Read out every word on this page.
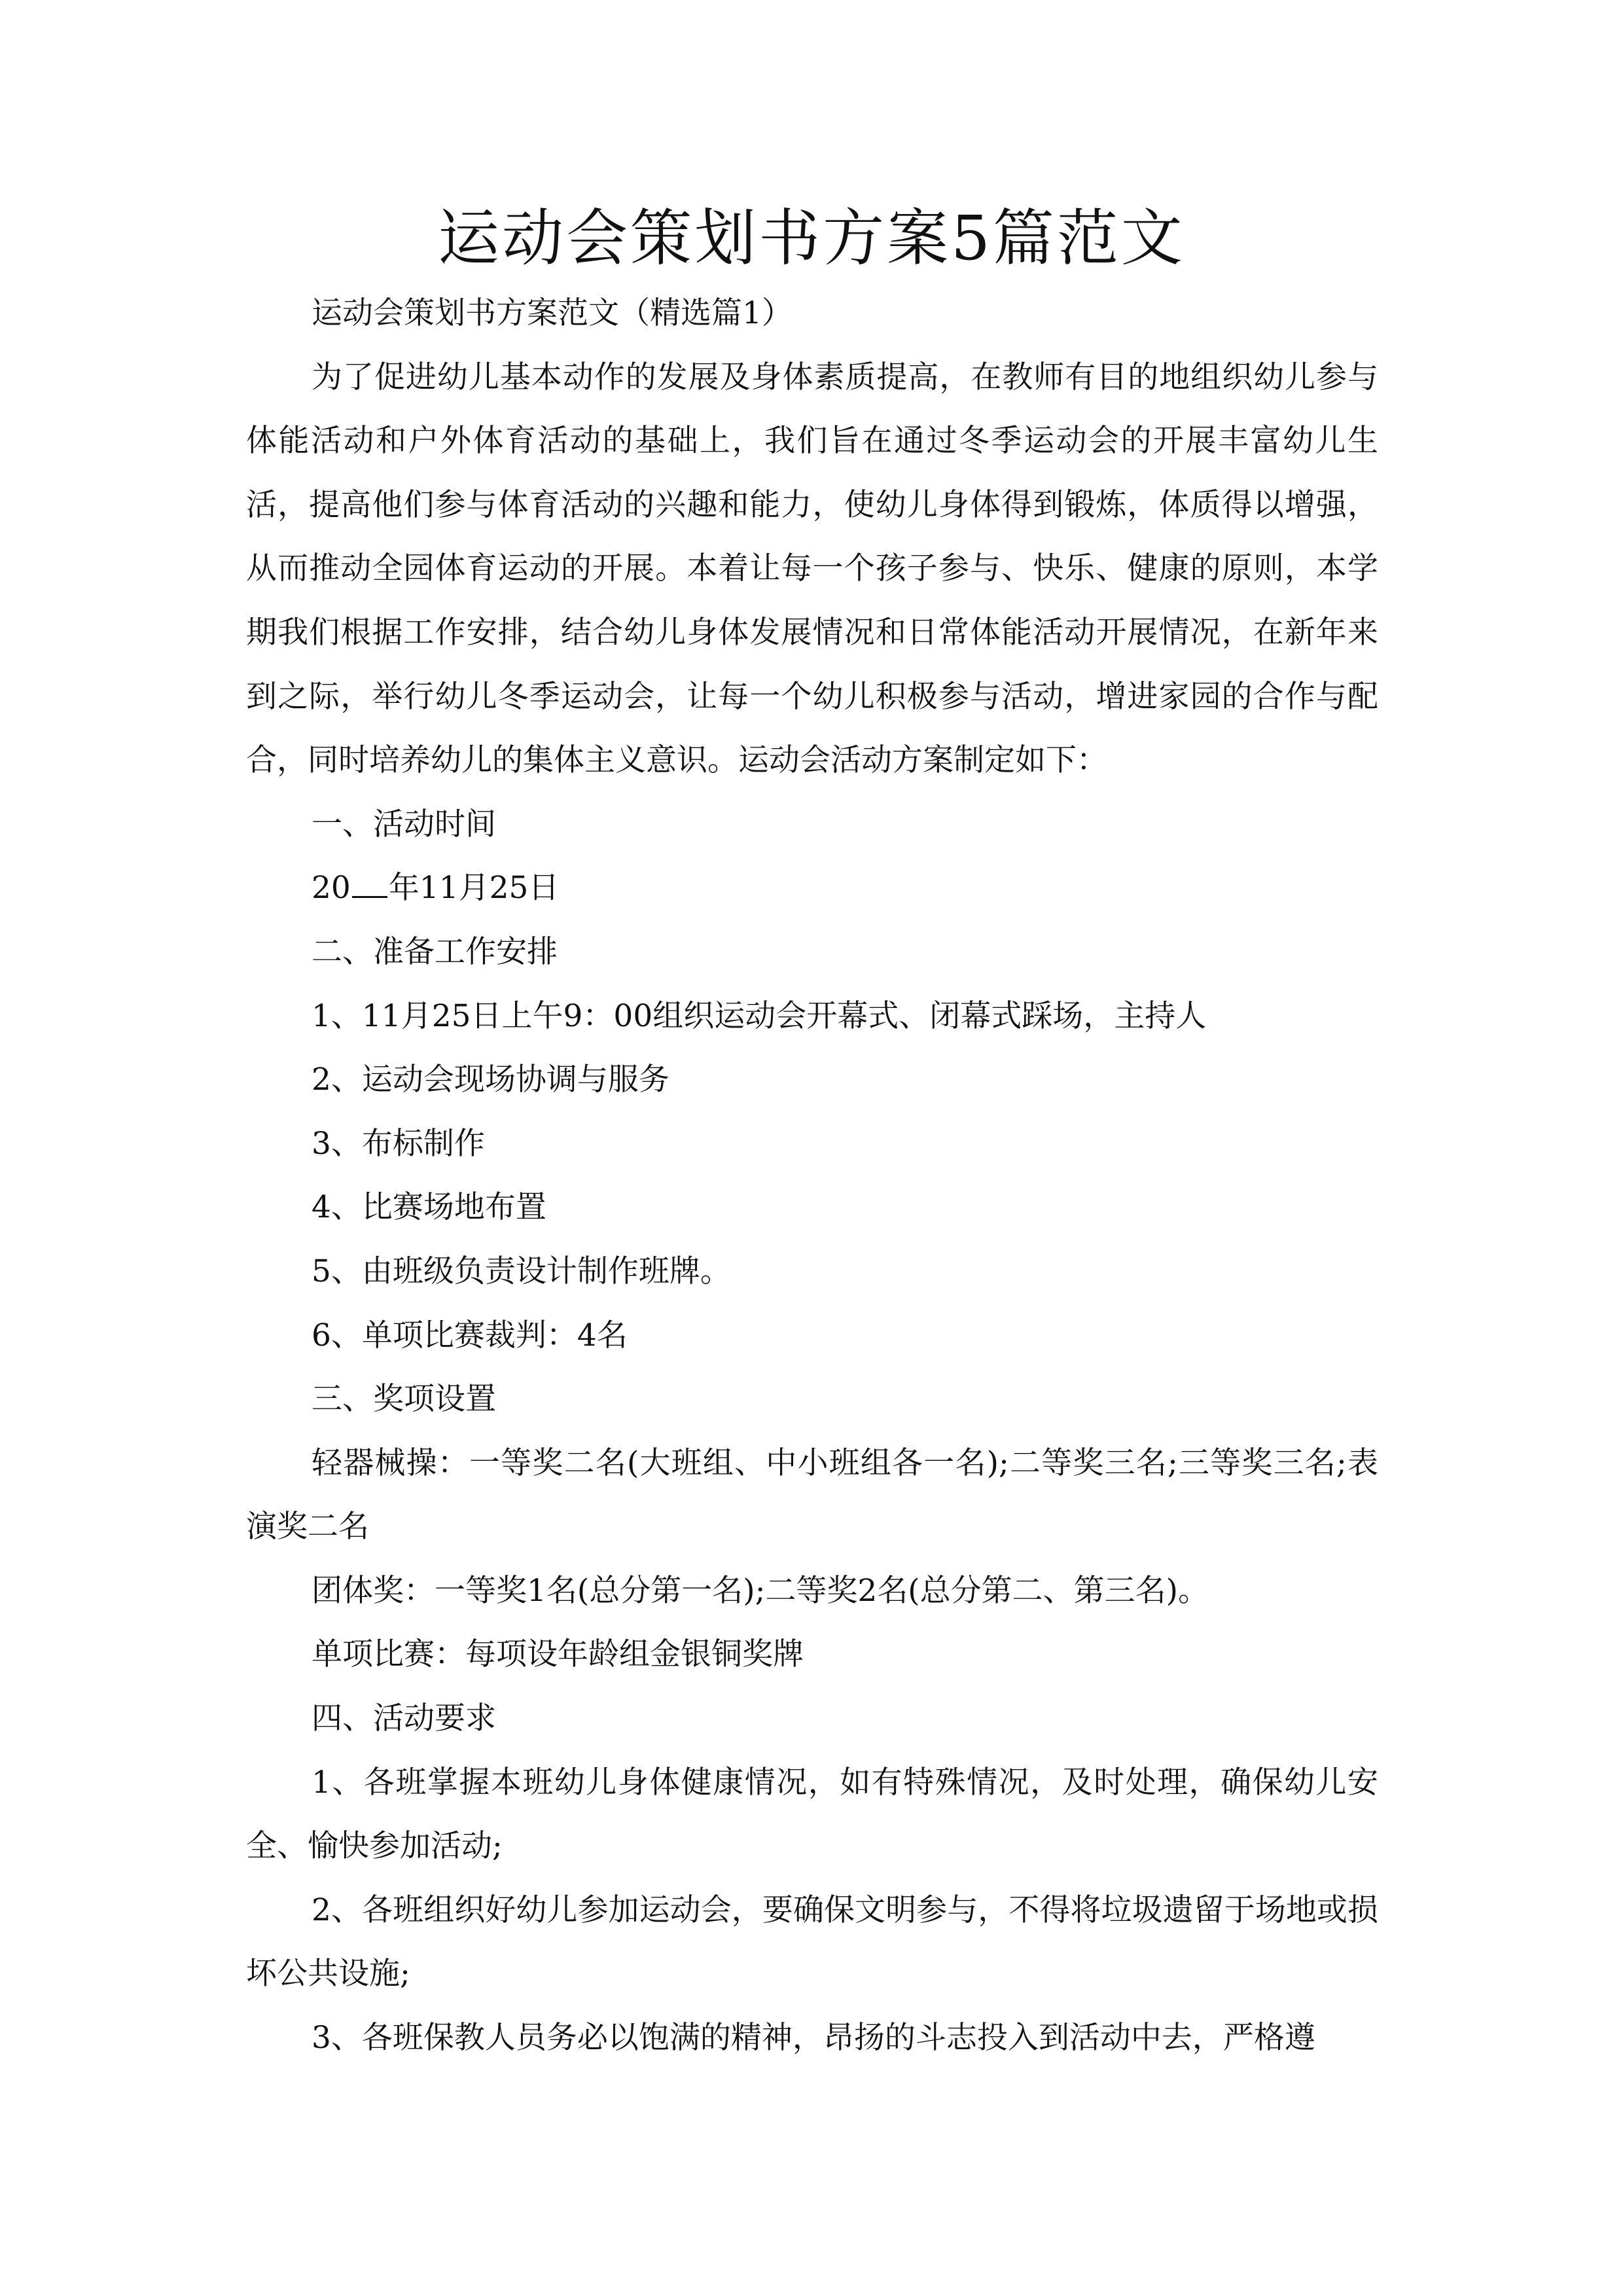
运动会策划书方案5篇范文

运动会策划书方案范文（精选篇1）

为了促进幼儿基本动作的发展及身体素质提高，在教师有目的地组织幼儿参与体能活动和户外体育活动的基础上，我们旨在通过冬季运动会的开展丰富幼儿生活，提高他们参与体育活动的兴趣和能力，使幼儿身体得到锻炼，体质得以增强，从而推动全园体育运动的开展。本着让每一个孩子参与、快乐、健康的原则，本学期我们根据工作安排，结合幼儿身体发展情况和日常体能活动开展情况，在新年来到之际，举行幼儿冬季运动会，让每一个幼儿积极参与活动，增进家园的合作与配合，同时培养幼儿的集体主义意识。运动会活动方案制定如下：

一、活动时间

20 年11月25日

二、准备工作安排

1、11月25日上午9：00组织运动会开幕式、闭幕式踩场，主持人

2、运动会现场协调与服务

3、布标制作

4、比赛场地布置

5、由班级负责设计制作班牌。

6、单项比赛裁判：4名

三、奖项设置

轻器械操：一等奖二名(大班组、中小班组各一名);二等奖三名;三等奖三名;表演奖二名

团体奖：一等奖1名(总分第一名);二等奖2名(总分第二、第三名)。

单项比赛：每项设年龄组金银铜奖牌

四、活动要求

1、各班掌握本班幼儿身体健康情况，如有特殊情况，及时处理，确保幼儿安全、愉快参加活动;

2、各班组织好幼儿参加运动会，要确保文明参与，不得将垃圾遗留于场地或损坏公共设施;

3、各班保教人员务必以饱满的精神，昂扬的斗志投入到活动中去，严格遵
